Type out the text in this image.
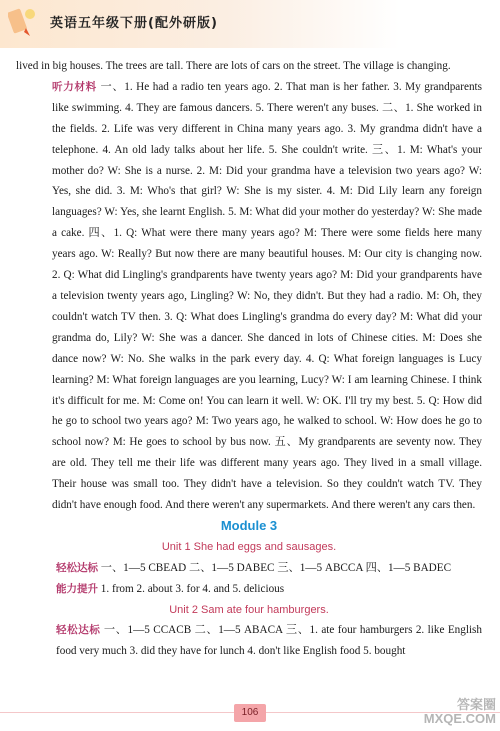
英语五年级下册(配外研版)

lived in big houses. The trees are tall. There are lots of cars on the street. The village is changing.

听力材料 一、1. He had a radio ten years ago. 2. That man is her father. 3. My grandparents like swimming. 4. They are famous dancers. 5. There weren't any buses. 二、1. She worked in the fields. 2. Life was very different in China many years ago. 3. My grandma didn't have a telephone. 4. An old lady talks about her life. 5. She couldn't write. 三、1. M: What's your mother do? W: She is a nurse. 2. M: Did your grandma have a television two years ago? W: Yes, she did. 3. M: Who's that girl? W: She is my sister. 4. M: Did Lily learn any foreign languages? W: Yes, she learnt English. 5. M: What did your mother do yesterday? W: She made a cake. 四、1. Q: What were there many years ago? M: There were some fields here many years ago. W: Really? But now there are many beautiful houses. M: Our city is changing now. 2. Q: What did Lingling's grandparents have twenty years ago? M: Did your grandparents have a television twenty years ago, Lingling? W: No, they didn't. But they had a radio. M: Oh, they couldn't watch TV then. 3. Q: What does Lingling's grandma do every day? M: What did your grandma do, Lily? W: She was a dancer. She danced in lots of Chinese cities. M: Does she dance now? W: No. She walks in the park every day. 4. Q: What foreign languages is Lucy learning? M: What foreign languages are you learning, Lucy? W: I am learning Chinese. I think it's difficult for me. M: Come on! You can learn it well. W: OK. I'll try my best. 5. Q: How did he go to school two years ago? M: Two years ago, he walked to school. W: How does he go to school now? M: He goes to school by bus now. 五、My grandparents are seventy now. They are old. They tell me their life was different many years ago. They lived in a small village. Their house was small too. They didn't have a television. So they couldn't watch TV. They didn't have enough food. And there weren't any supermarkets. And there weren't any cars then.

Module 3

Unit 1 She had eggs and sausages.

轻松达标 一、1—5 CBEAD 二、1—5 DABEC 三、1—5 ABCCA 四、1—5 BADEC

能力提升 1. from 2. about 3. for 4. and 5. delicious

Unit 2 Sam ate four hamburgers.

轻松达标 一、1—5 CCACB 二、1—5 ABACA 三、1. ate four hamburgers 2. like English food very much 3. did they have for lunch 4. don't like English food 5. bought

106
答案圈 MXQE.COM
